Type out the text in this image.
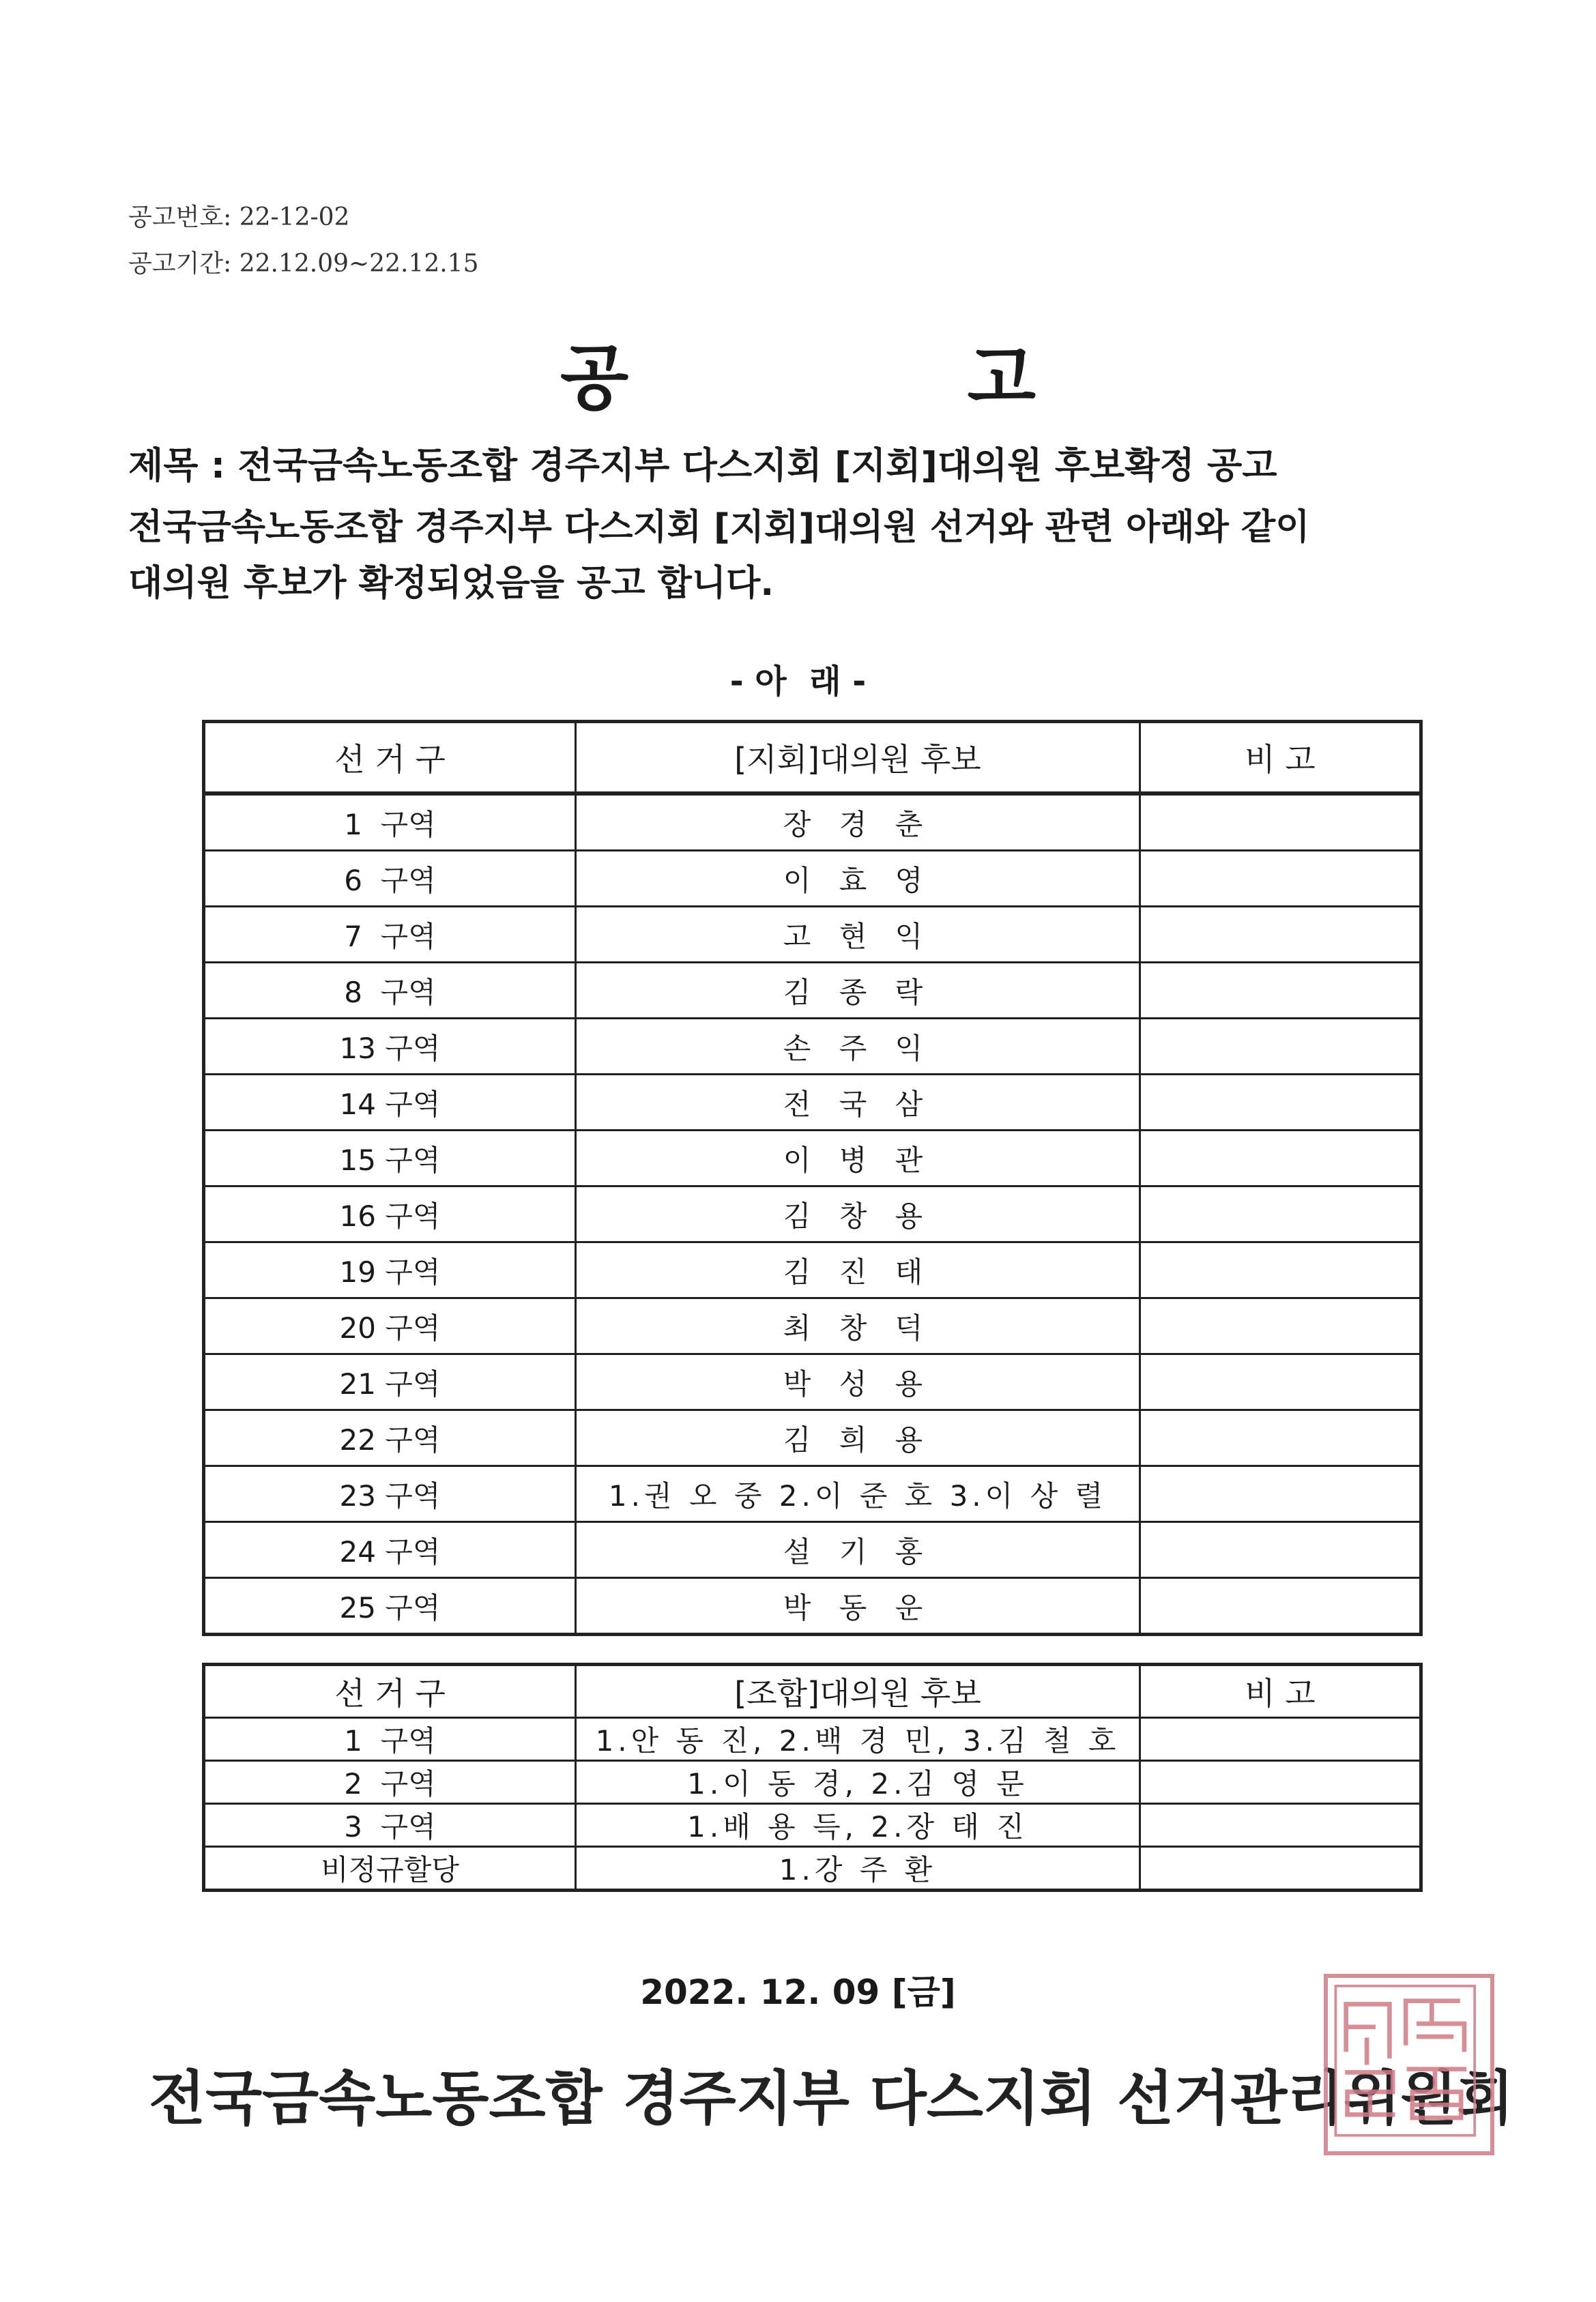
공고번호: 22-12-02
공고기간: 22.12.09~22.12.15
공 고
제목 : 전국금속노동조합 경주지부 다스지회 [지회]대의원 후보확정 공고
전국금속노동조합 경주지부 다스지회 [지회]대의원 선거와 관련 아래와 같이
대의원 후보가 확정되었음을 공고 합니다.
- 아  래 -
선 거 구	[지회]대의원 후보	비 고
1  구역	장 경 춘	
6  구역	이 효 영	
7  구역	고 현 익	
8  구역	김 종 락	
13 구역	손 주 익	
14 구역	전 국 삼	
15 구역	이 병 관	
16 구역	김 창 용	
19 구역	김 진 태	
20 구역	최 창 덕	
21 구역	박 성 용	
22 구역	김 희 용	
23 구역	1.권 오 중 2.이 준 호 3.이 상 렬	
24 구역	설 기 홍	
25 구역	박 동 운	
선 거 구	[조합]대의원 후보	비 고
1  구역	1.안 동 진, 2.백 경 민, 3.김 철 호	
2  구역	1.이 동 경, 2.김 영 문	
3  구역	1.배 용 득, 2.장 태 진	
비정규할당	1.강 주 환	
2022. 12. 09 [금]
전국금속노동조합 경주지부 다스지회 선거관리위원회
